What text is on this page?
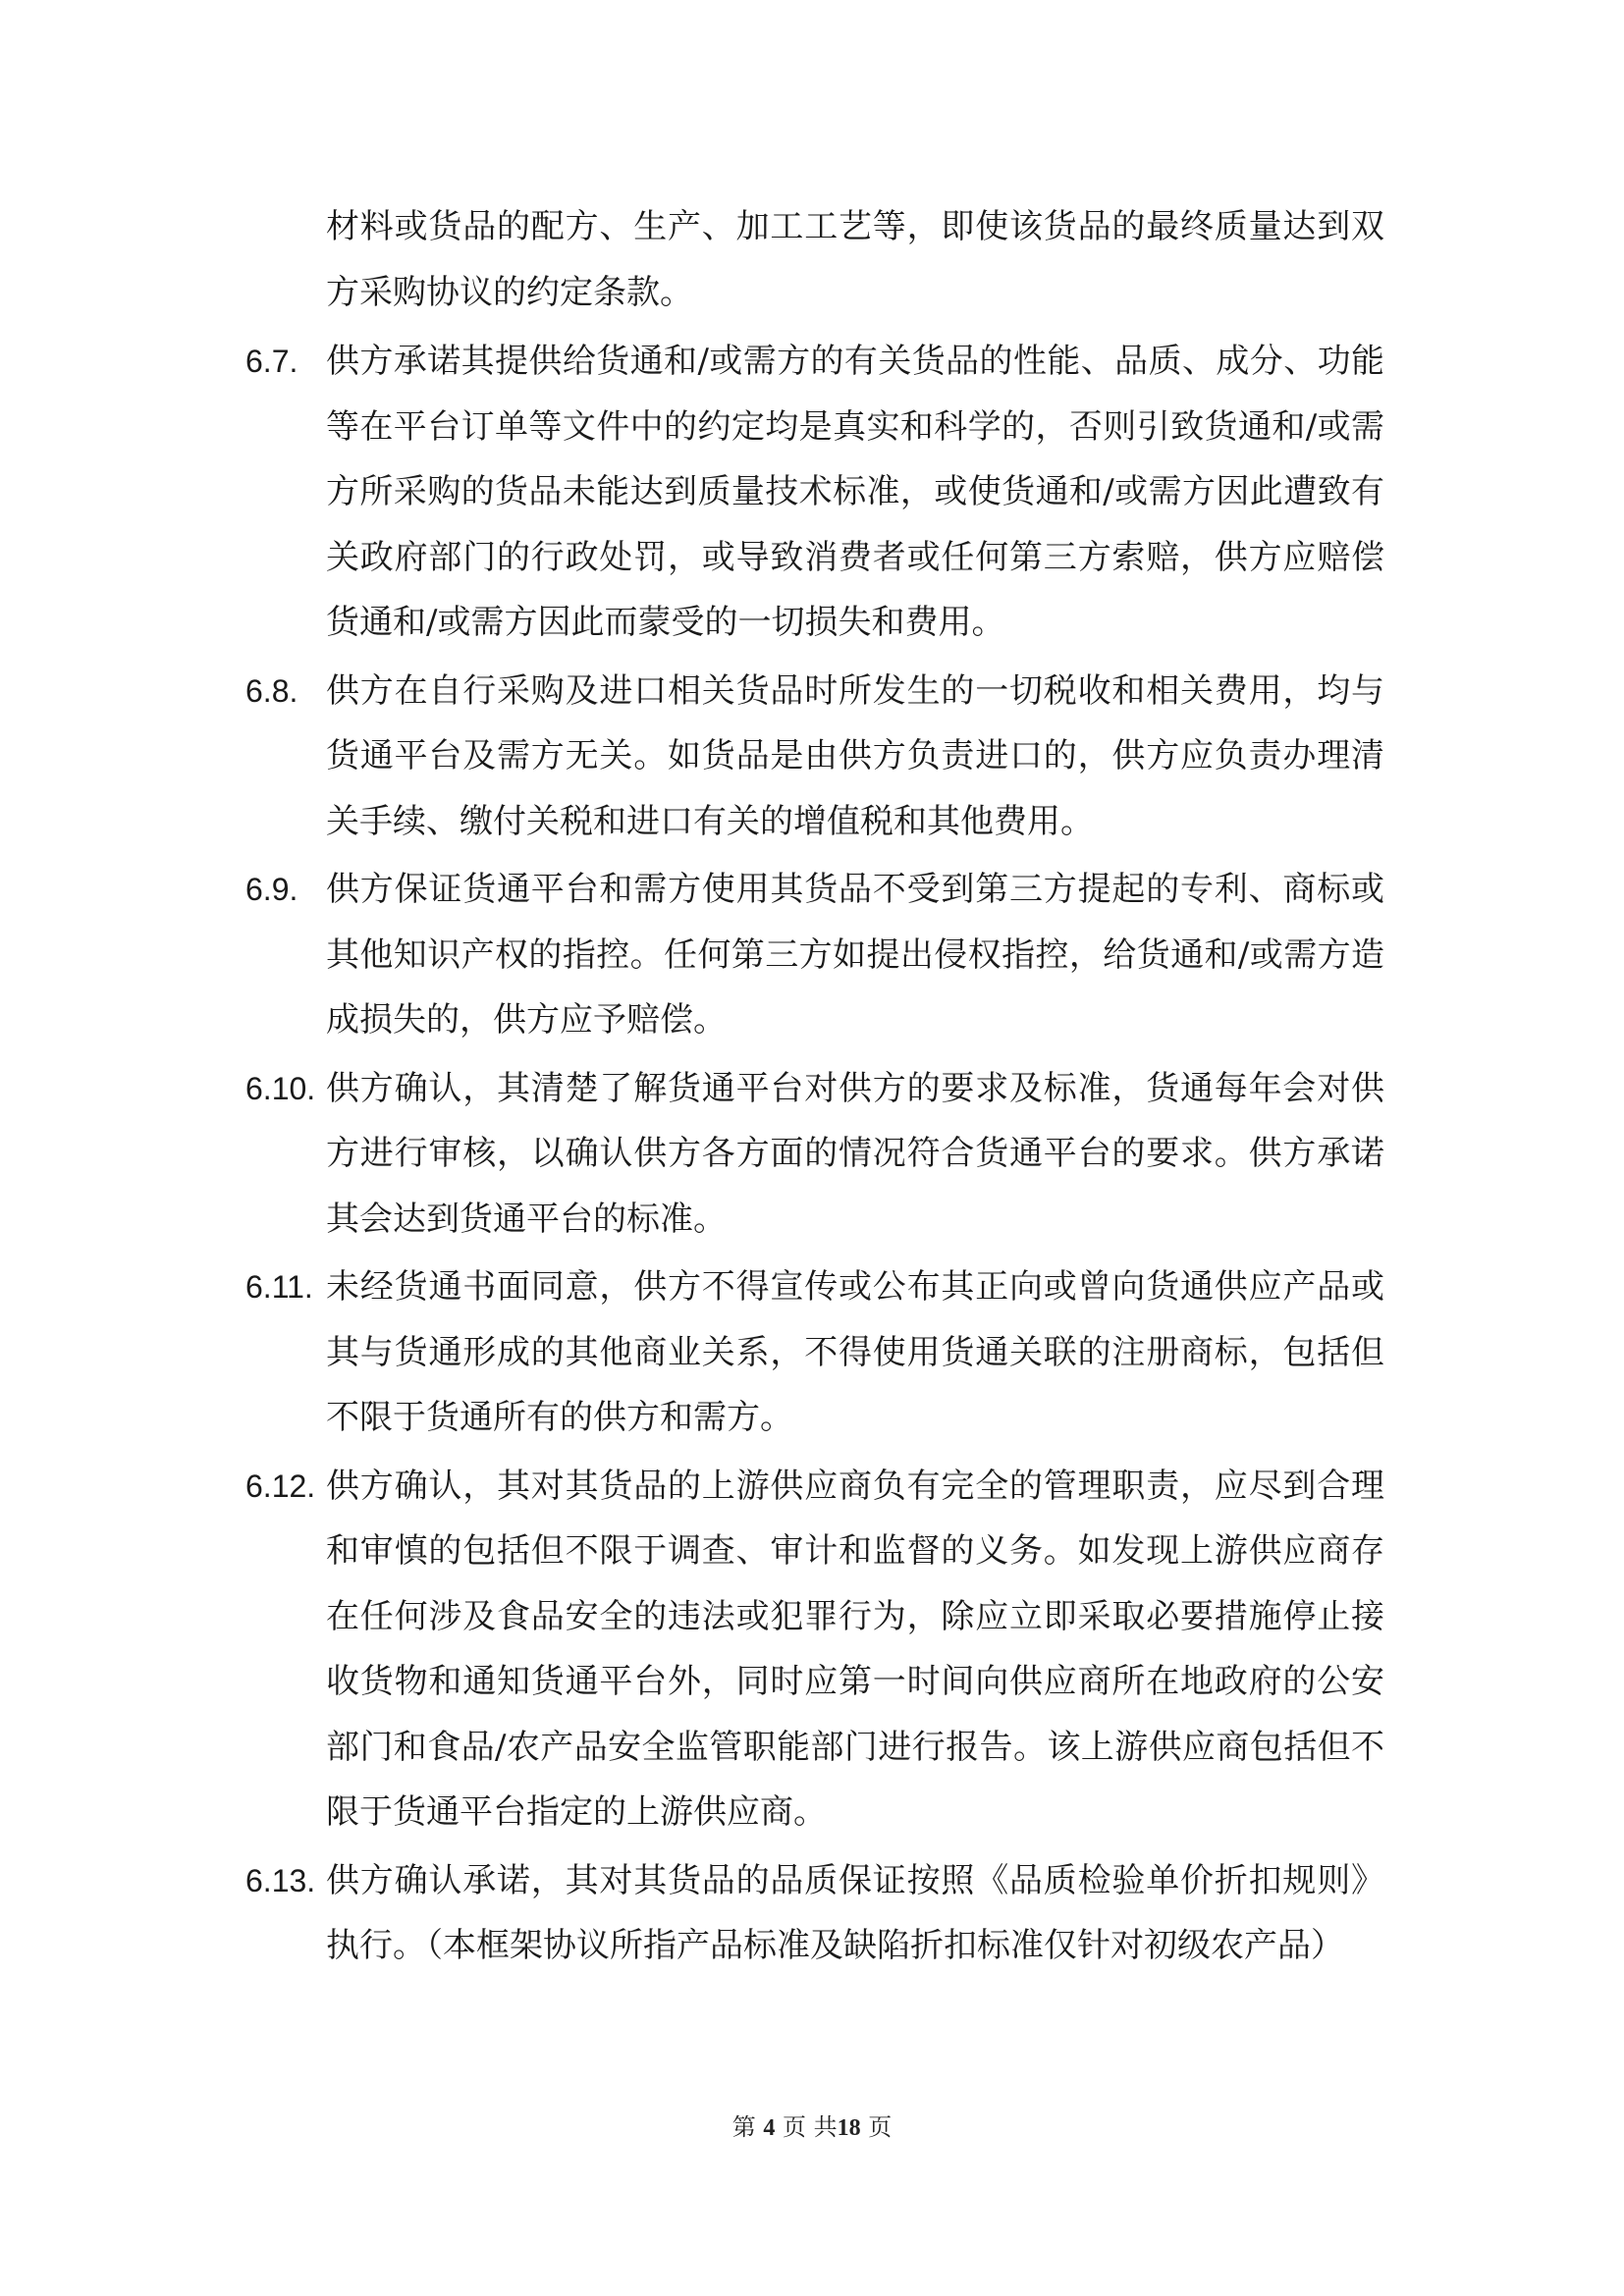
材料或货品的配方、生产、加工工艺等，即使该货品的最终质量达到双方采购协议的约定条款。

6.7. 供方承诺其提供给货通和/或需方的有关货品的性能、品质、成分、功能等在平台订单等文件中的约定均是真实和科学的，否则引致货通和/或需方所采购的货品未能达到质量技术标准，或使货通和/或需方因此遭致有关政府部门的行政处罚，或导致消费者或任何第三方索赔，供方应赔偿货通和/或需方因此而蒙受的一切损失和费用。

6.8. 供方在自行采购及进口相关货品时所发生的一切税收和相关费用，均与货通平台及需方无关。如货品是由供方负责进口的，供方应负责办理清关手续、缴付关税和进口有关的增值税和其他费用。

6.9. 供方保证货通平台和需方使用其货品不受到第三方提起的专利、商标或其他知识产权的指控。任何第三方如提出侵权指控，给货通和/或需方造成损失的，供方应予赔偿。

6.10. 供方确认，其清楚了解货通平台对供方的要求及标准，货通每年会对供方进行审核，以确认供方各方面的情况符合货通平台的要求。供方承诺其会达到货通平台的标准。

6.11. 未经货通书面同意，供方不得宣传或公布其正向或曾向货通供应产品或其与货通形成的其他商业关系，不得使用货通关联的注册商标，包括但不限于货通所有的供方和需方。

6.12. 供方确认，其对其货品的上游供应商负有完全的管理职责，应尽到合理和审慎的包括但不限于调查、审计和监督的义务。如发现上游供应商存在任何涉及食品安全的违法或犯罪行为，除应立即采取必要措施停止接收货物和通知货通平台外，同时应第一时间向供应商所在地政府的公安部门和食品/农产品安全监管职能部门进行报告。该上游供应商包括但不限于货通平台指定的上游供应商。

6.13. 供方确认承诺，其对其货品的品质保证按照《品质检验单价折扣规则》执行。（本框架协议所指产品标准及缺陷折扣标准仅针对初级农产品）

第 4 页 共18 页
